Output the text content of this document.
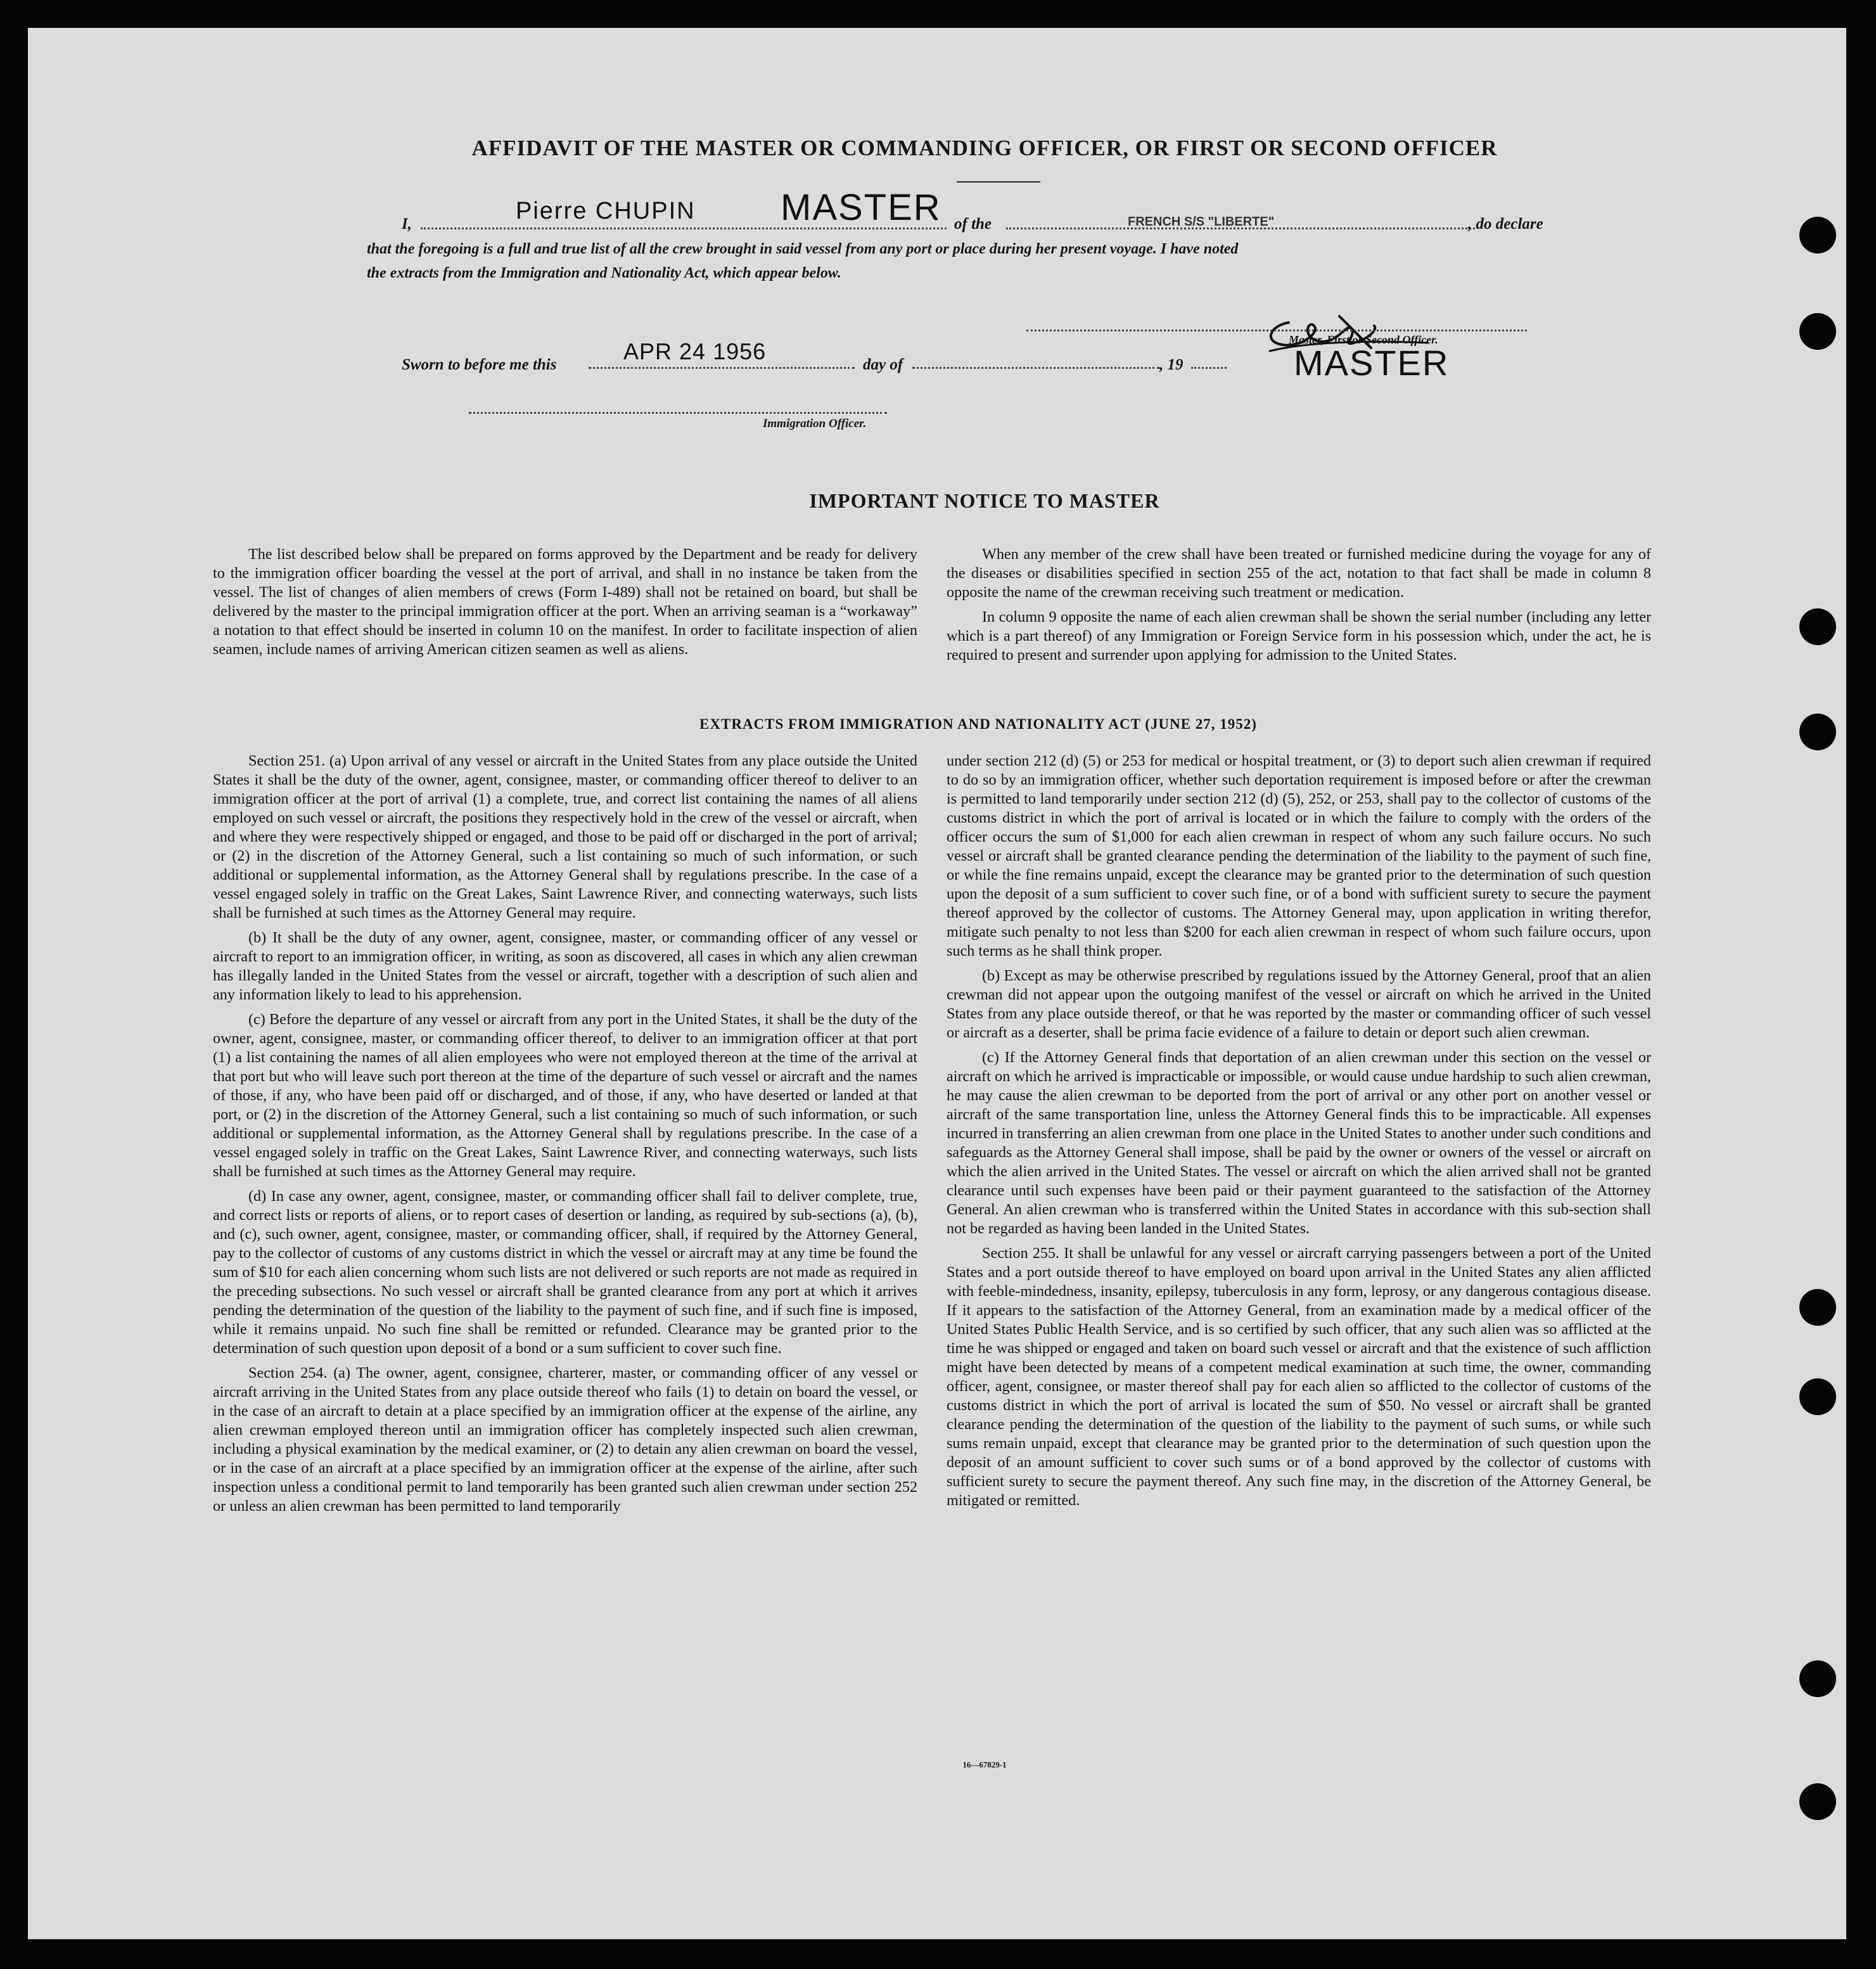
AFFIDAVIT OF THE MASTER OR COMMANDING OFFICER, OR FIRST OR SECOND OFFICER
I,	Pierre CHUPIN MASTER of the	FRENCH S/S "LIBERTE"	, do declare
that the foregoing is a full and true list of all the crew brought in said vessel from any port or place during her present voyage. I have noted
the extracts from the Immigration and Nationality Act, which appear below.
Master, First or Second Officer.
MASTER
Sworn to before me this
APR 24 1956
day of	, 19
Immigration Officer.
IMPORTANT NOTICE TO MASTER

The list described below shall be prepared on forms approved by the Department and be ready for delivery to the immigration officer boarding the vessel at the port of arrival, and shall in no instance be taken from the vessel. The list of changes of alien members of crews (Form I-489) shall not be retained on board, but shall be delivered by the master to the principal immigration officer at the port. When an arriving seaman is a “workaway” a notation to that effect should be inserted in column 10 on the manifest. In order to facilitate inspection of alien seamen, include names of arriving American citizen seamen as well as aliens.

When any member of the crew shall have been treated or furnished medicine during the voyage for any of the diseases or disabilities specified in section 255 of the act, notation to that fact shall be made in column 8 opposite the name of the crewman receiving such treatment or medication.

In column 9 opposite the name of each alien crewman shall be shown the serial number (including any letter which is a part thereof) of any Immigration or Foreign Service form in his possession which, under the act, he is required to present and surrender upon applying for admission to the United States.

EXTRACTS FROM IMMIGRATION AND NATIONALITY ACT (JUNE 27, 1952)

Section 251. (a) Upon arrival of any vessel or aircraft in the United States from any place outside the United States it shall be the duty of the owner, agent, consignee, master, or commanding officer thereof to deliver to an immigration officer at the port of arrival (1) a complete, true, and correct list containing the names of all aliens employed on such vessel or aircraft, the positions they respectively hold in the crew of the vessel or aircraft, when and where they were respectively shipped or engaged, and those to be paid off or discharged in the port of arrival; or (2) in the discretion of the Attorney General, such a list containing so much of such information, or such additional or supplemental information, as the Attorney General shall by regulations prescribe. In the case of a vessel engaged solely in traffic on the Great Lakes, Saint Lawrence River, and connecting waterways, such lists shall be furnished at such times as the Attorney General may require.

(b) It shall be the duty of any owner, agent, consignee, master, or commanding officer of any vessel or aircraft to report to an immigration officer, in writing, as soon as discovered, all cases in which any alien crewman has illegally landed in the United States from the vessel or aircraft, together with a description of such alien and any information likely to lead to his apprehension.

(c) Before the departure of any vessel or aircraft from any port in the United States, it shall be the duty of the owner, agent, consignee, master, or commanding officer thereof, to deliver to an immigration officer at that port (1) a list containing the names of all alien employees who were not employed thereon at the time of the arrival at that port but who will leave such port thereon at the time of the departure of such vessel or aircraft and the names of those, if any, who have been paid off or discharged, and of those, if any, who have deserted or landed at that port, or (2) in the discretion of the Attorney General, such a list containing so much of such information, or such additional or supplemental information, as the Attorney General shall by regulations prescribe. In the case of a vessel engaged solely in traffic on the Great Lakes, Saint Lawrence River, and connecting waterways, such lists shall be furnished at such times as the Attorney General may require.

(d) In case any owner, agent, consignee, master, or commanding officer shall fail to deliver complete, true, and correct lists or reports of aliens, or to report cases of desertion or landing, as required by sub-sections (a), (b), and (c), such owner, agent, consignee, master, or commanding officer, shall, if required by the Attorney General, pay to the collector of customs of any customs district in which the vessel or aircraft may at any time be found the sum of $10 for each alien concerning whom such lists are not delivered or such reports are not made as required in the preceding subsections. No such vessel or aircraft shall be granted clearance from any port at which it arrives pending the determination of the question of the liability to the payment of such fine, and if such fine is imposed, while it remains unpaid. No such fine shall be remitted or refunded. Clearance may be granted prior to the determination of such question upon deposit of a bond or a sum sufficient to cover such fine.

Section 254. (a) The owner, agent, consignee, charterer, master, or commanding officer of any vessel or aircraft arriving in the United States from any place outside thereof who fails (1) to detain on board the vessel, or in the case of an aircraft to detain at a place specified by an immigration officer at the expense of the airline, any alien crewman employed thereon until an immigration officer has completely inspected such alien crewman, including a physical examination by the medical examiner, or (2) to detain any alien crewman on board the vessel, or in the case of an aircraft at a place specified by an immigration officer at the expense of the airline, after such inspection unless a conditional permit to land temporarily has been granted such alien crewman under section 252 or unless an alien crewman has been permitted to land temporarily

under section 212 (d) (5) or 253 for medical or hospital treatment, or (3) to deport such alien crewman if required to do so by an immigration officer, whether such deportation requirement is imposed before or after the crewman is permitted to land temporarily under section 212 (d) (5), 252, or 253, shall pay to the collector of customs of the customs district in which the port of arrival is located or in which the failure to comply with the orders of the officer occurs the sum of $1,000 for each alien crewman in respect of whom any such failure occurs. No such vessel or aircraft shall be granted clearance pending the determination of the liability to the payment of such fine, or while the fine remains unpaid, except the clearance may be granted prior to the determination of such question upon the deposit of a sum sufficient to cover such fine, or of a bond with sufficient surety to secure the payment thereof approved by the collector of customs. The Attorney General may, upon application in writing therefor, mitigate such penalty to not less than $200 for each alien crewman in respect of whom such failure occurs, upon such terms as he shall think proper.

(b) Except as may be otherwise prescribed by regulations issued by the Attorney General, proof that an alien crewman did not appear upon the outgoing manifest of the vessel or aircraft on which he arrived in the United States from any place outside thereof, or that he was reported by the master or commanding officer of such vessel or aircraft as a deserter, shall be prima facie evidence of a failure to detain or deport such alien crewman.

(c) If the Attorney General finds that deportation of an alien crewman under this section on the vessel or aircraft on which he arrived is impracticable or impossible, or would cause undue hardship to such alien crewman, he may cause the alien crewman to be deported from the port of arrival or any other port on another vessel or aircraft of the same transportation line, unless the Attorney General finds this to be impracticable. All expenses incurred in transferring an alien crewman from one place in the United States to another under such conditions and safeguards as the Attorney General shall impose, shall be paid by the owner or owners of the vessel or aircraft on which the alien arrived in the United States. The vessel or aircraft on which the alien arrived shall not be granted clearance until such expenses have been paid or their payment guaranteed to the satisfaction of the Attorney General. An alien crewman who is transferred within the United States in accordance with this sub-section shall not be regarded as having been landed in the United States.

Section 255. It shall be unlawful for any vessel or aircraft carrying passengers between a port of the United States and a port outside thereof to have employed on board upon arrival in the United States any alien afflicted with feeble-mindedness, insanity, epilepsy, tuberculosis in any form, leprosy, or any dangerous contagious disease. If it appears to the satisfaction of the Attorney General, from an examination made by a medical officer of the United States Public Health Service, and is so certified by such officer, that any such alien was so afflicted at the time he was shipped or engaged and taken on board such vessel or aircraft and that the existence of such affliction might have been detected by means of a competent medical examination at such time, the owner, commanding officer, agent, consignee, or master thereof shall pay for each alien so afflicted to the collector of customs of the customs district in which the port of arrival is located the sum of $50. No vessel or aircraft shall be granted clearance pending the determination of the question of the liability to the payment of such sums, or while such sums remain unpaid, except that clearance may be granted prior to the determination of such question upon the deposit of an amount sufficient to cover such sums or of a bond approved by the collector of customs with sufficient surety to secure the payment thereof. Any such fine may, in the discretion of the Attorney General, be mitigated or remitted.

16—67829-1
